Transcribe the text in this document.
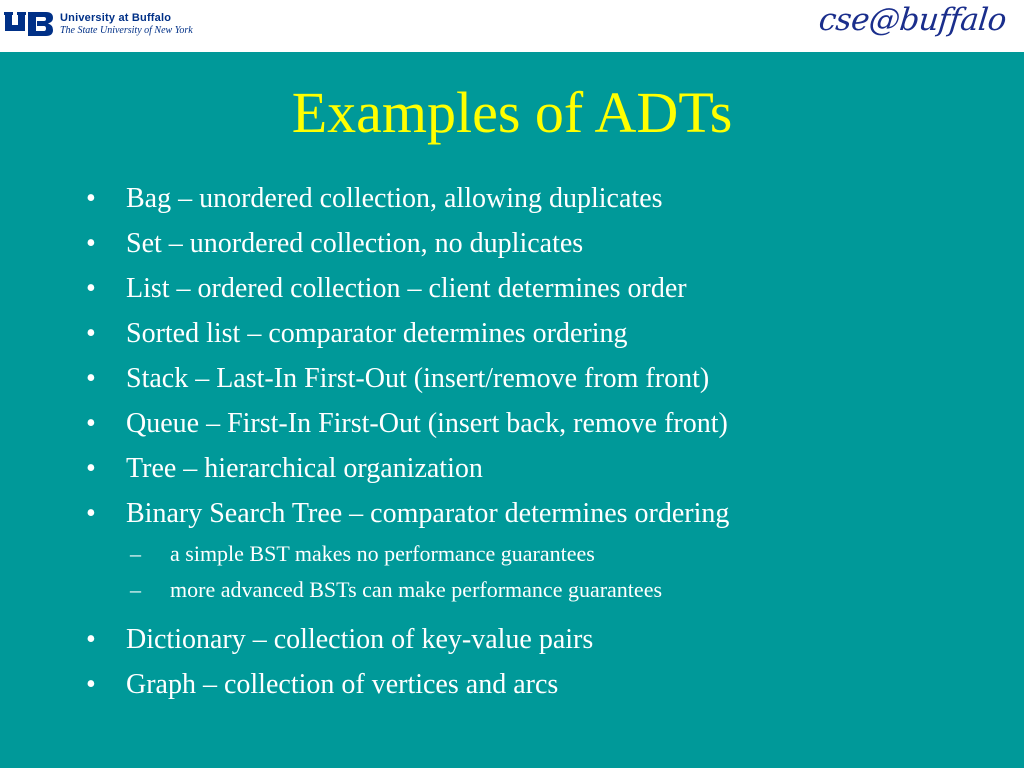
University at Buffalo
The State University of New York	cse@buffalo
Examples of ADTs
• Bag – unordered collection, allowing duplicates
• Set – unordered collection, no duplicates
• List – ordered collection – client determines order
• Sorted list – comparator determines ordering
• Stack – Last-In First-Out (insert/remove from front)
• Queue – First-In First-Out (insert back, remove front)
• Tree – hierarchical organization
• Binary Search Tree – comparator determines ordering
– a simple BST makes no performance guarantees
– more advanced BSTs can make performance guarantees
• Dictionary – collection of key-value pairs
• Graph – collection of vertices and arcs
